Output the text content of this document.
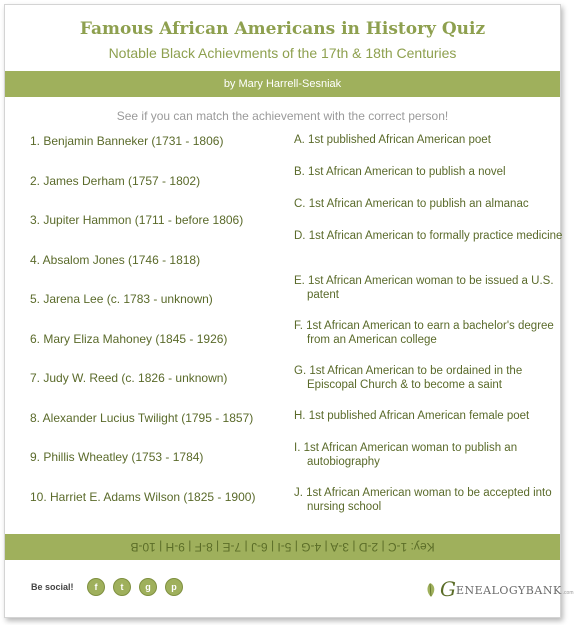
Famous African Americans in History Quiz
Notable Black Achievments of the 17th & 18th Centuries
by Mary Harrell-Sesniak
See if you can match the achievement with the correct person!
1. Benjamin Banneker (1731 - 1806)
2. James Derham (1757 - 1802)
3. Jupiter Hammon (1711 - before 1806)
4. Absalom Jones (1746 - 1818)
5. Jarena Lee (c. 1783 - unknown)
6. Mary Eliza Mahoney (1845 - 1926)
7. Judy W. Reed (c. 1826 - unknown)
8. Alexander Lucius Twilight (1795 - 1857)
9. Phillis Wheatley (1753 - 1784)
10. Harriet E. Adams Wilson (1825 - 1900)
A. 1st published African American poet
B. 1st African American to publish a novel
C. 1st African American to publish an almanac
D. 1st African American to formally practice medicine
E. 1st African American woman to be issued a U.S. patent
F. 1st African American to earn a bachelor's degree from an American college
G. 1st African American to be ordained in the Episcopal Church & to become a saint
H. 1st published African American female poet
I. 1st African American woman to publish an autobiography
J. 1st African American woman to be accepted into nursing school
Key: 1-C | 2-D | 3-A | 4-G | 5-I | 6-J | 7-E | 8-F | 9-H | 10-B
Be social!	f	t	g	p	G ENEALOGYBANK .com
